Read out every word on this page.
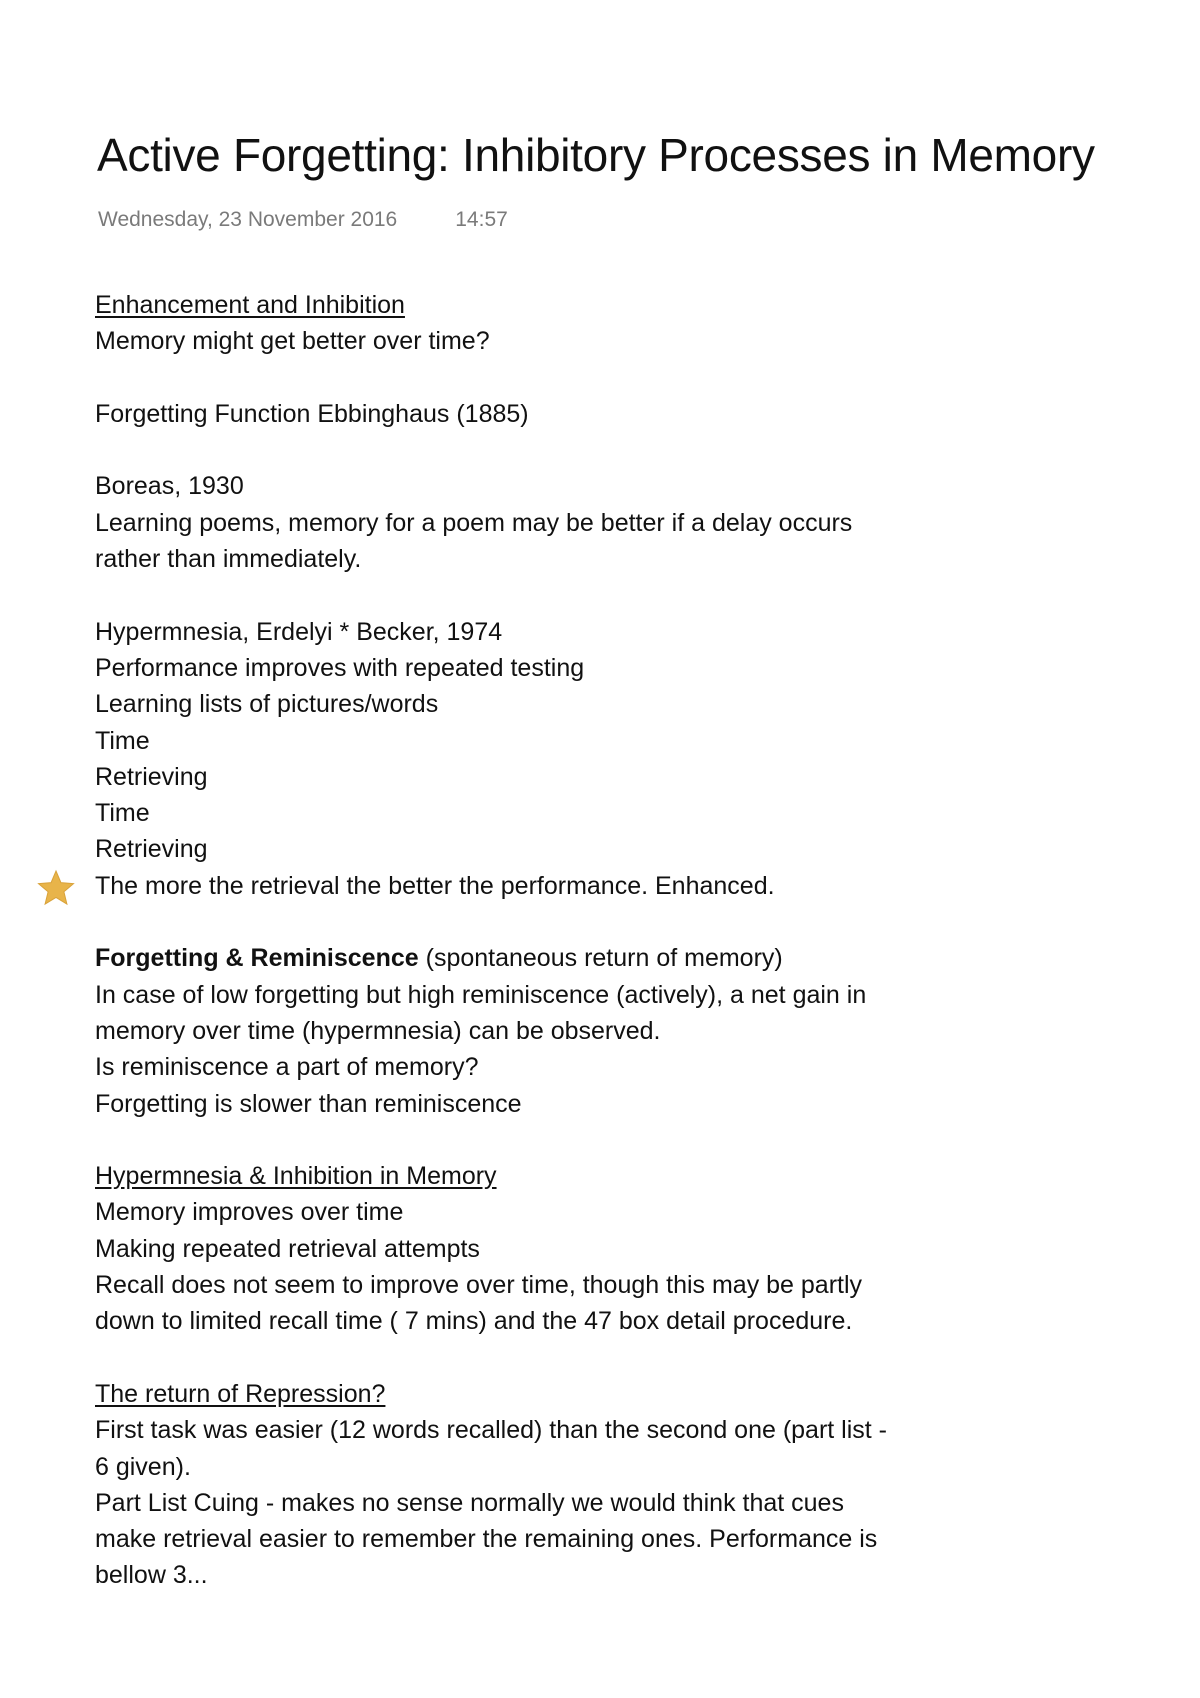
Active Forgetting: Inhibitory Processes in Memory
Wednesday, 23 November 2016	14:57
Enhancement and Inhibition
Memory might get better over time?
Forgetting Function Ebbinghaus (1885)
Boreas, 1930
Learning poems, memory for a poem may be better if a delay occurs
rather than immediately.
Hypermnesia, Erdelyi * Becker, 1974
Performance improves with repeated testing
Learning lists of pictures/words
Time
Retrieving
Time
Retrieving
The more the retrieval the better the performance. Enhanced.
Forgetting & Reminiscence (spontaneous return of memory)
In case of low forgetting but high reminiscence (actively), a net gain in
memory over time (hypermnesia) can be observed.
Is reminiscence a part of memory?
Forgetting is slower than reminiscence
Hypermnesia & Inhibition in Memory
Memory improves over time
Making repeated retrieval attempts
Recall does not seem to improve over time, though this may be partly
down to limited recall time ( 7 mins) and the 47 box detail procedure.
The return of Repression?
First task was easier (12 words recalled) than the second one (part list -
6 given).
Part List Cuing - makes no sense normally we would think that cues
make retrieval easier to remember the remaining ones. Performance is
bellow 3...
